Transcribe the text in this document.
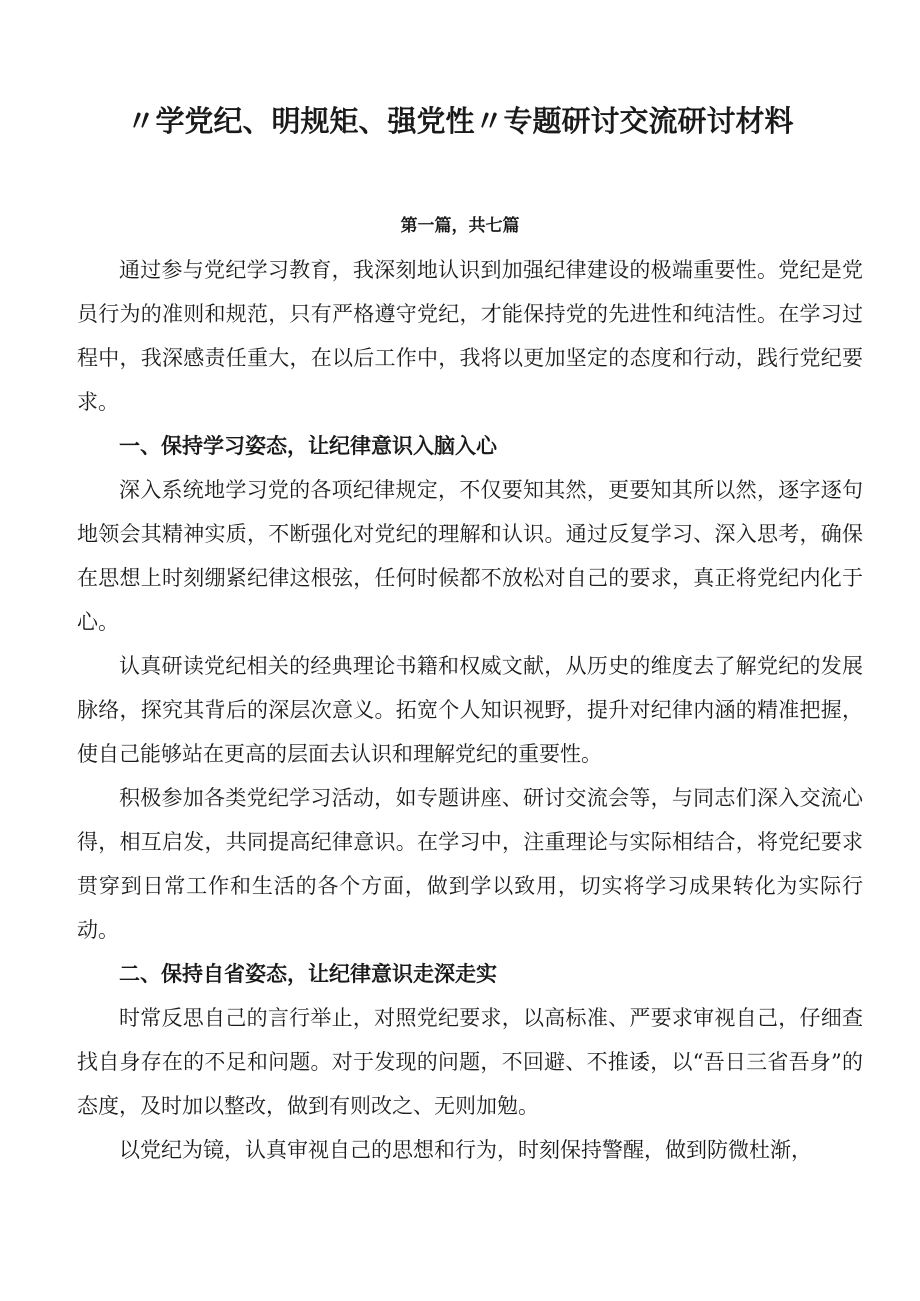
〃学党纪、明规矩、强党性〃专题研讨交流研讨材料

第一篇，共七篇

通过参与党纪学习教育，我深刻地认识到加强纪律建设的极端重要性。党纪是党员行为的准则和规范，只有严格遵守党纪，才能保持党的先进性和纯洁性。在学习过程中，我深感责任重大，在以后工作中，我将以更加坚定的态度和行动，践行党纪要求。

一、保持学习姿态，让纪律意识入脑入心

深入系统地学习党的各项纪律规定，不仅要知其然，更要知其所以然，逐字逐句地领会其精神实质，不断强化对党纪的理解和认识。通过反复学习、深入思考，确保在思想上时刻绷紧纪律这根弦，任何时候都不放松对自己的要求，真正将党纪内化于心。

认真研读党纪相关的经典理论书籍和权威文献，从历史的维度去了解党纪的发展脉络，探究其背后的深层次意义。拓宽个人知识视野，提升对纪律内涵的精准把握，使自己能够站在更高的层面去认识和理解党纪的重要性。

积极参加各类党纪学习活动，如专题讲座、研讨交流会等，与同志们深入交流心得，相互启发，共同提高纪律意识。在学习中，注重理论与实际相结合，将党纪要求贯穿到日常工作和生活的各个方面，做到学以致用，切实将学习成果转化为实际行动。

二、保持自省姿态，让纪律意识走深走实

时常反思自己的言行举止，对照党纪要求，以高标准、严要求审视自己，仔细查找自身存在的不足和问题。对于发现的问题，不回避、不推诿，以“吾日三省吾身”的态度，及时加以整改，做到有则改之、无则加勉。

以党纪为镜，认真审视自己的思想和行为，时刻保持警醒，做到防微杜渐，
